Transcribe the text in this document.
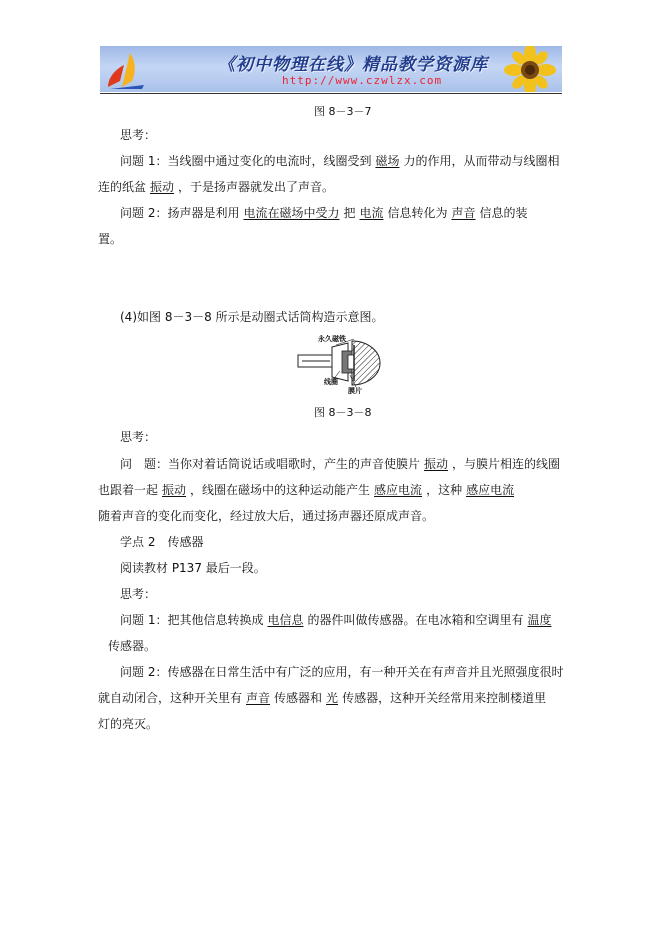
《初中物理在线》精品教学资源库
http://www.czwlzx.com
图 8－3－7
思考：
问题 1：当线圈中通过变化的电流时，线圈受到 磁场 力的作用，从而带动与线圈相
连的纸盆 振动 ，于是扬声器就发出了声音。
问题 2：扬声器是利用 电流在磁场中受力 把 电流 信息转化为 声音 信息的装
置。
(4)如图 8－3－8 所示是动圈式话筒构造示意图。
永久磁铁
线圈
膜片
图 8－3－8
思考：
问　题：当你对着话筒说话或唱歌时，产生的声音使膜片 振动 ，与膜片相连的线圈
也跟着一起 振动 ，线圈在磁场中的这种运动能产生 感应电流 ，这种 感应电流
随着声音的变化而变化，经过放大后，通过扬声器还原成声音。
学点 2　传感器
阅读教材 P137 最后一段。
思考：
问题 1：把其他信息转换成 电信息 的器件叫做传感器。在电冰箱和空调里有 温度
传感器。
问题 2：传感器在日常生活中有广泛的应用，有一种开关在有声音并且光照强度很时
就自动闭合，这种开关里有 声音 传感器和 光 传感器，这种开关经常用来控制楼道里
灯的亮灭。
